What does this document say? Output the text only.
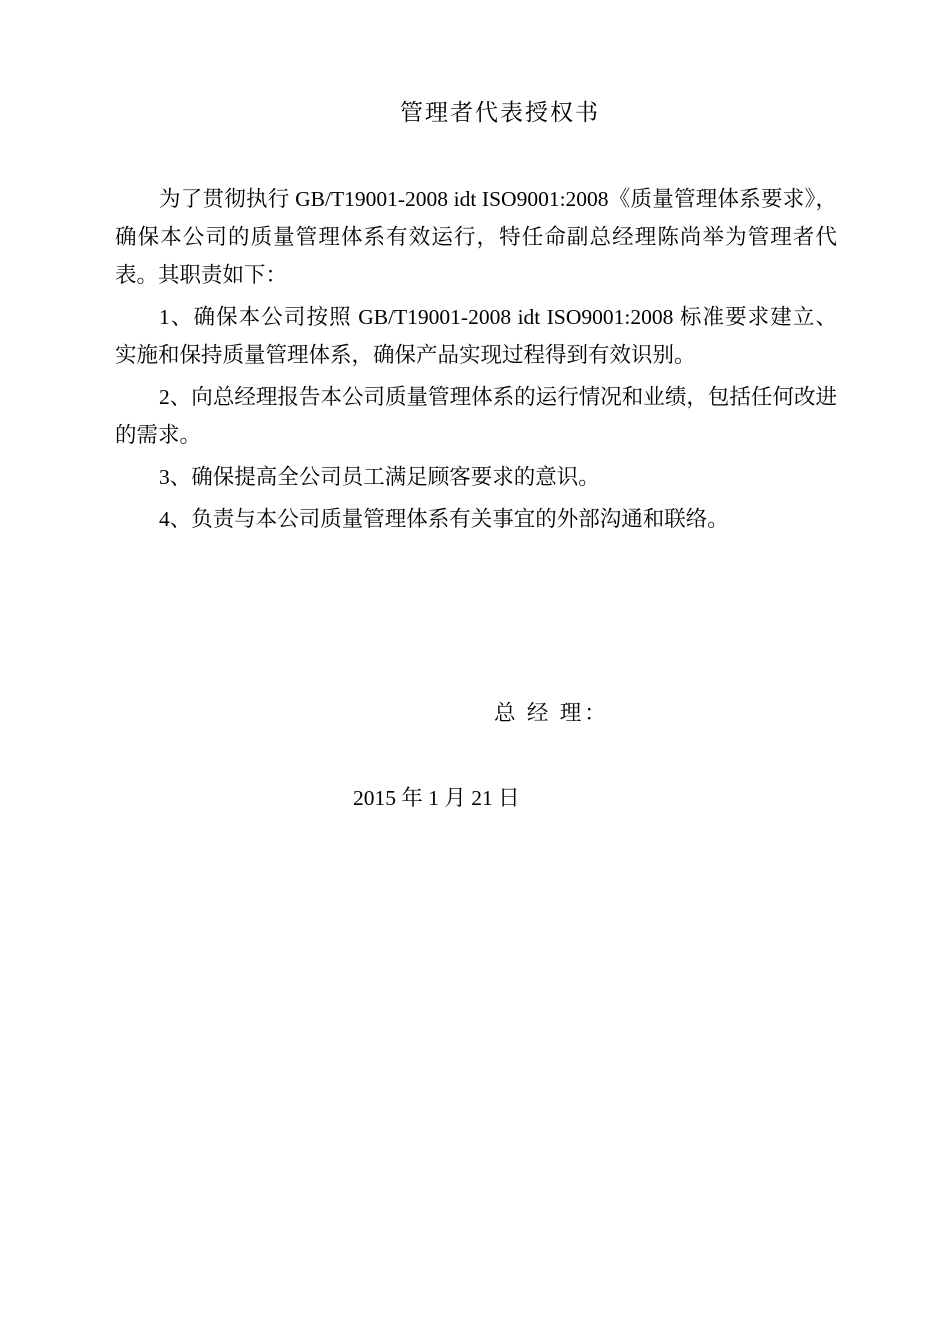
管理者代表授权书

为了贯彻执行 GB/T19001-2008 idt ISO9001:2008《质量管理体系要求》，确保本公司的质量管理体系有效运行，特任命副总经理陈尚举为管理者代表。其职责如下：

1、确保本公司按照 GB/T19001-2008 idt ISO9001:2008 标准要求建立、实施和保持质量管理体系，确保产品实现过程得到有效识别。

2、向总经理报告本公司质量管理体系的运行情况和业绩，包括任何改进的需求。

3、确保提高全公司员工满足顾客要求的意识。

4、负责与本公司质量管理体系有关事宜的外部沟通和联络。

总 经 理：
2015 年 1 月 21 日
